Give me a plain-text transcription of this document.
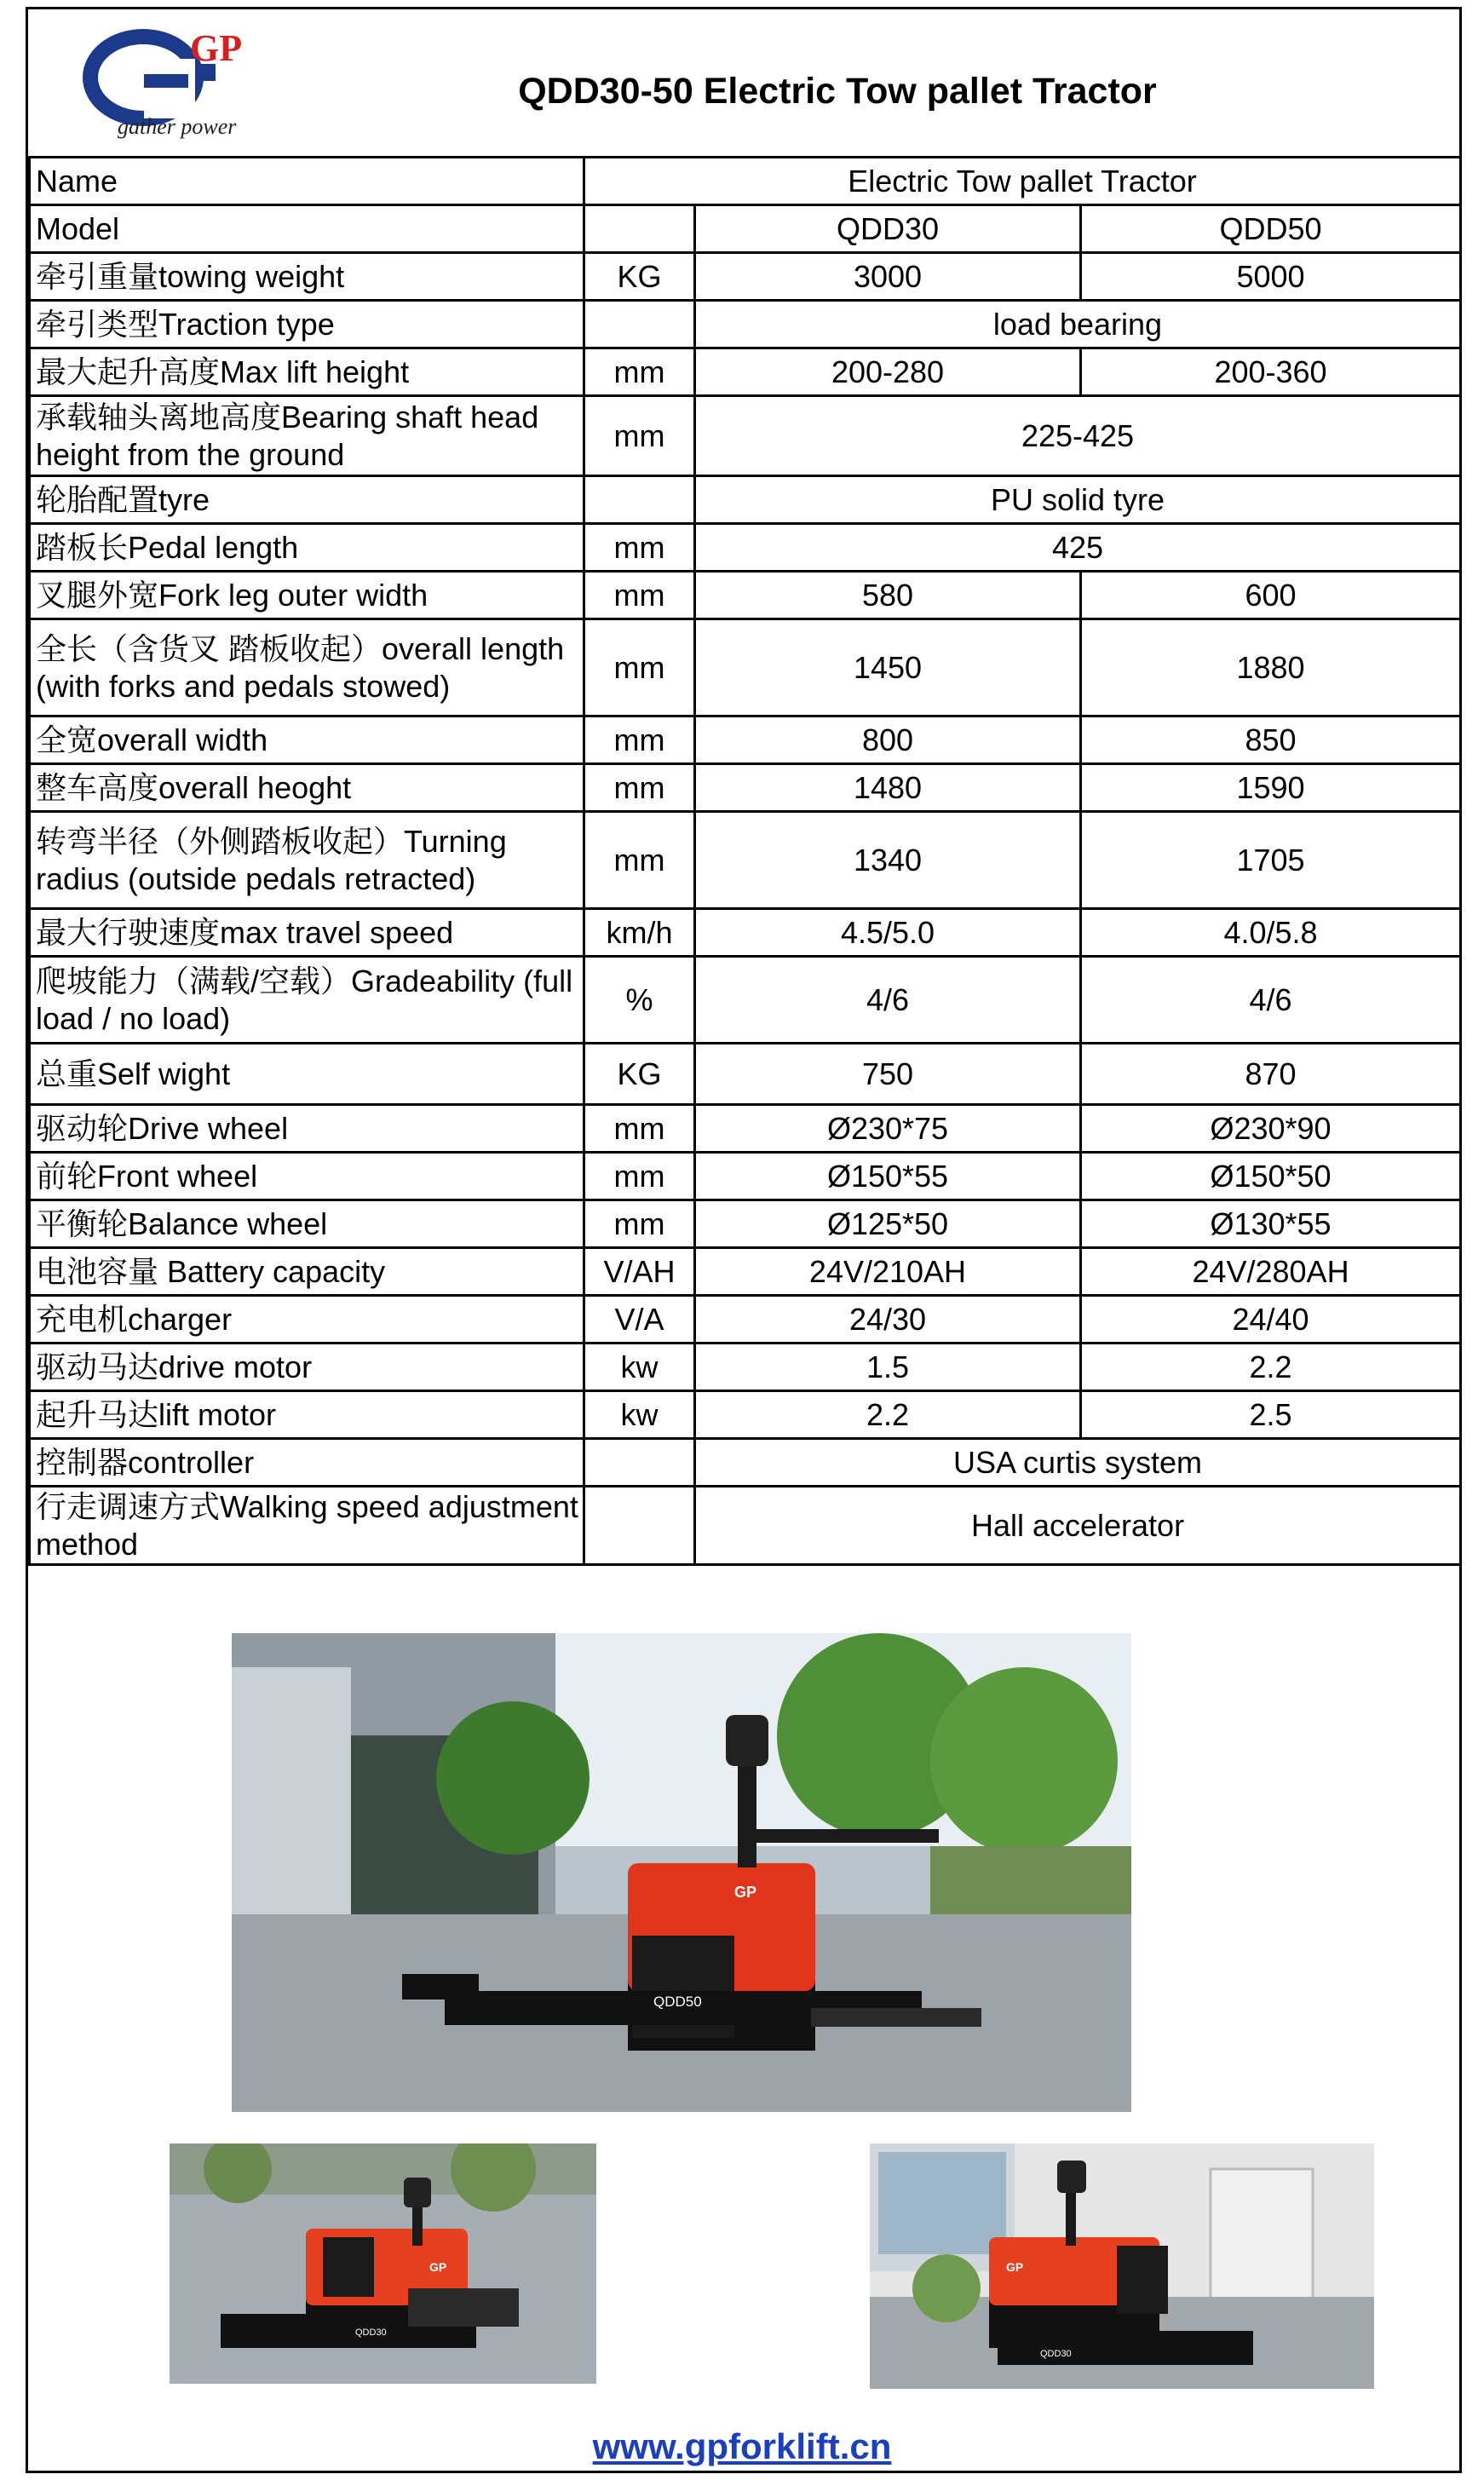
GP
gather power
QDD30-50 Electric Tow pallet Tractor
Name	Electric Tow pallet Tractor		
Model		QDD30	QDD50
牵引重量towing weight	KG	3000	5000
牵引类型Traction type		load bearing	
最大起升高度Max lift height	mm	200-280	200-360
承载轴头离地高度Bearing shaft head height from the ground	mm	225-425	
轮胎配置tyre		PU solid tyre	
踏板长Pedal length	mm	425	
叉腿外宽Fork leg outer width	mm	580	600
全长（含货叉 踏板收起）overall length (with forks and pedals stowed)	mm	1450	1880
全宽overall width	mm	800	850
整车高度overall heoght	mm	1480	1590
转弯半径（外侧踏板收起）Turning radius (outside pedals retracted)	mm	1340	1705
最大行驶速度max travel speed	km/h	4.5/5.0	4.0/5.8
爬坡能力（满载/空载）Gradeability (full load / no load)	%	4/6	4/6
总重Self wight	KG	750	870
驱动轮Drive wheel	mm	Ø230*75	Ø230*90
前轮Front wheel	mm	Ø150*55	Ø150*50
平衡轮Balance wheel	mm	Ø125*50	Ø130*55
电池容量 Battery capacity	V/AH	24V/210AH	24V/280AH
充电机charger	V/A	24/30	24/40
驱动马达drive motor	kw	1.5	2.2
起升马达lift motor	kw	2.2	2.5
控制器controller		USA curtis system	
行走调速方式Walking speed adjustment method		Hall accelerator	
GP
QDD50
GP
QDD30
GP
QDD30
www.gpforklift.cn
